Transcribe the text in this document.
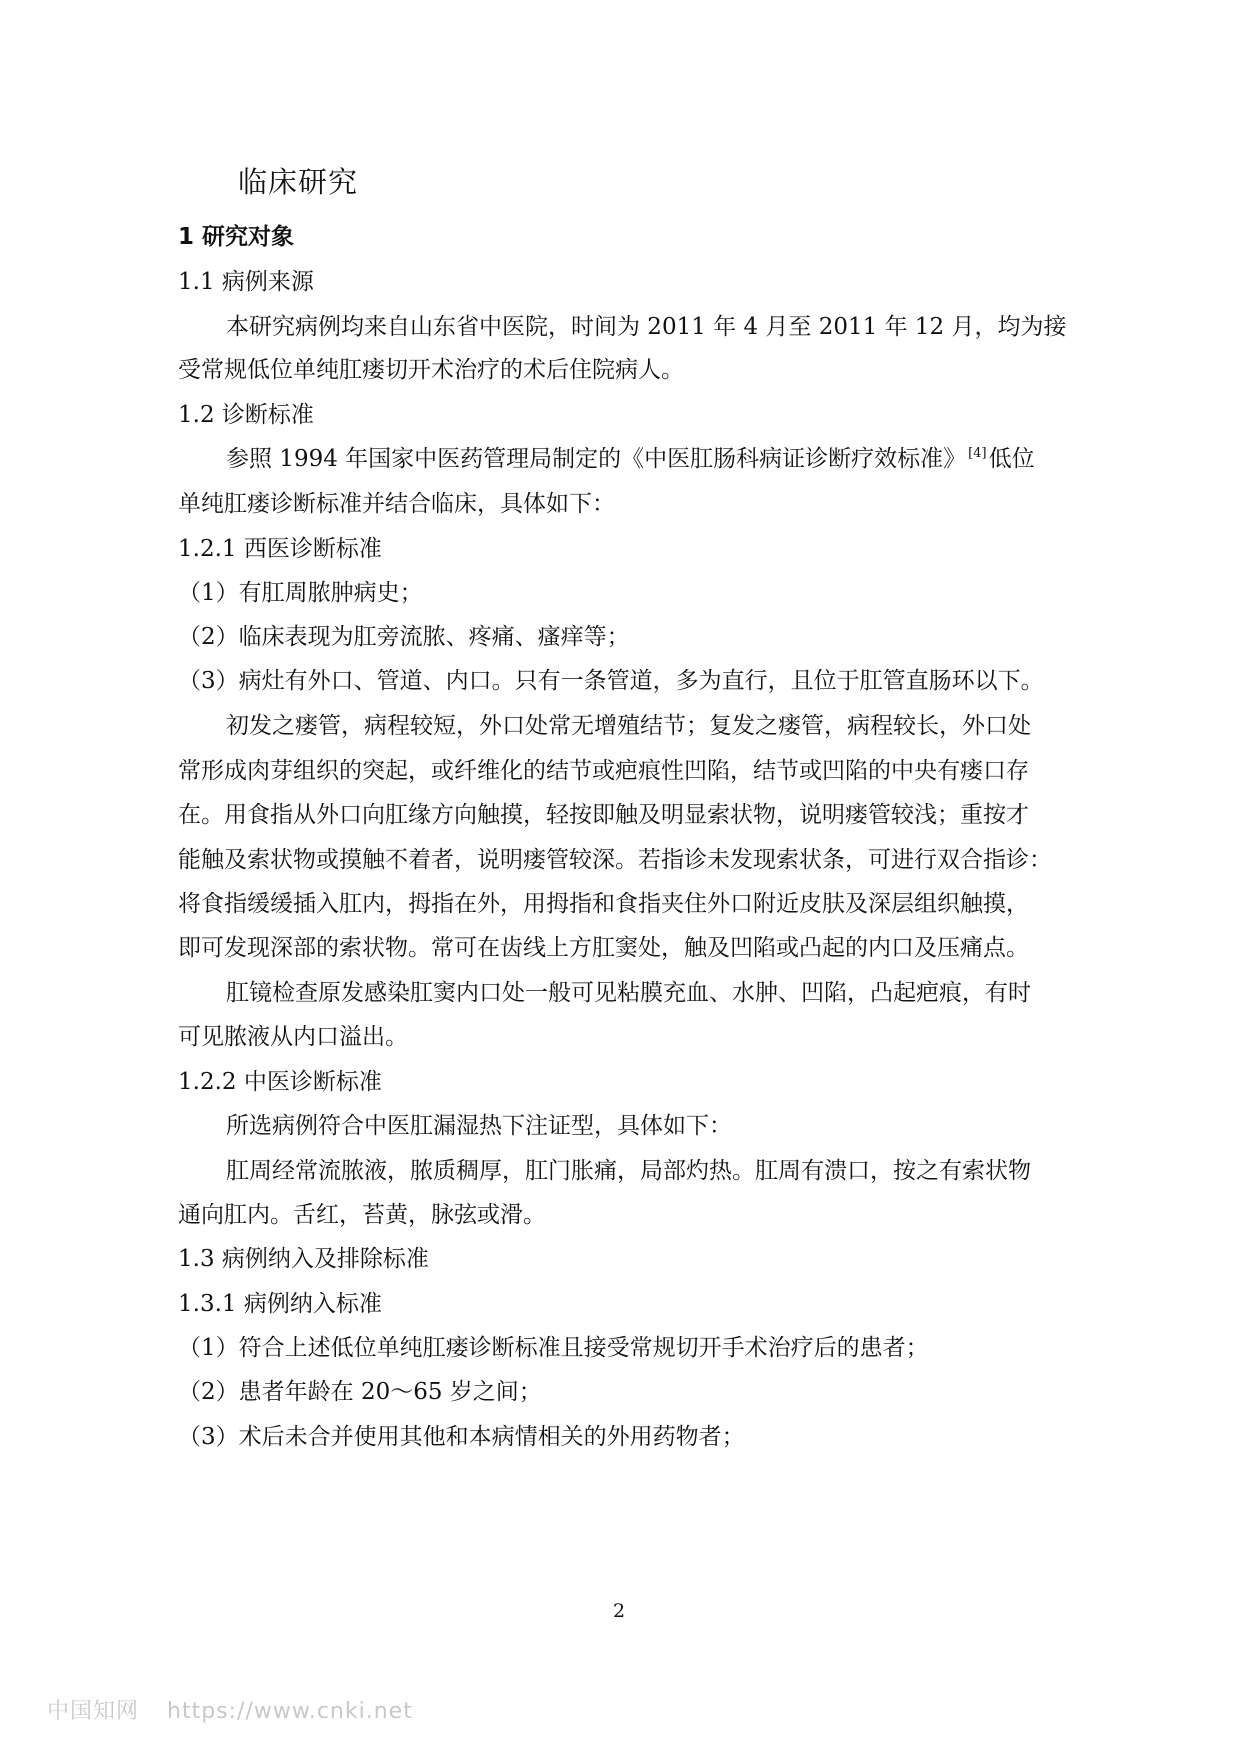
临床研究
1 研究对象
1.1 病例来源
本研究病例均来自山东省中医院，时间为 2011 年 4 月至 2011 年 12 月，均为接
受常规低位单纯肛瘘切开术治疗的术后住院病人。
1.2 诊断标准
参照 1994 年国家中医药管理局制定的《中医肛肠科病证诊断疗效标准》 [4]低位
单纯肛瘘诊断标准并结合临床，具体如下：
1.2.1 西医诊断标准
（1）有肛周脓肿病史；
（2）临床表现为肛旁流脓、疼痛、瘙痒等；
（3）病灶有外口、管道、内口。只有一条管道，多为直行，且位于肛管直肠环以下。
初发之瘘管，病程较短，外口处常无增殖结节；复发之瘘管，病程较长，外口处
常形成肉芽组织的突起，或纤维化的结节或疤痕性凹陷，结节或凹陷的中央有瘘口存
在。用食指从外口向肛缘方向触摸，轻按即触及明显索状物，说明瘘管较浅；重按才
能触及索状物或摸触不着者，说明瘘管较深。若指诊未发现索状条，可进行双合指诊：
将食指缓缓插入肛内，拇指在外，用拇指和食指夹住外口附近皮肤及深层组织触摸，
即可发现深部的索状物。常可在齿线上方肛窦处，触及凹陷或凸起的内口及压痛点。
肛镜检查原发感染肛窦内口处一般可见粘膜充血、水肿、凹陷，凸起疤痕，有时
可见脓液从内口溢出。
1.2.2 中医诊断标准
所选病例符合中医肛漏湿热下注证型，具体如下：
肛周经常流脓液，脓质稠厚，肛门胀痛，局部灼热。肛周有溃口，按之有索状物
通向肛内。舌红，苔黄，脉弦或滑。
1.3 病例纳入及排除标准
1.3.1 病例纳入标准
（1）符合上述低位单纯肛瘘诊断标准且接受常规切开手术治疗后的患者；
（2）患者年龄在 20～65 岁之间；
（3）术后未合并使用其他和本病情相关的外用药物者；
2
中国知网 https://www.cnki.net
